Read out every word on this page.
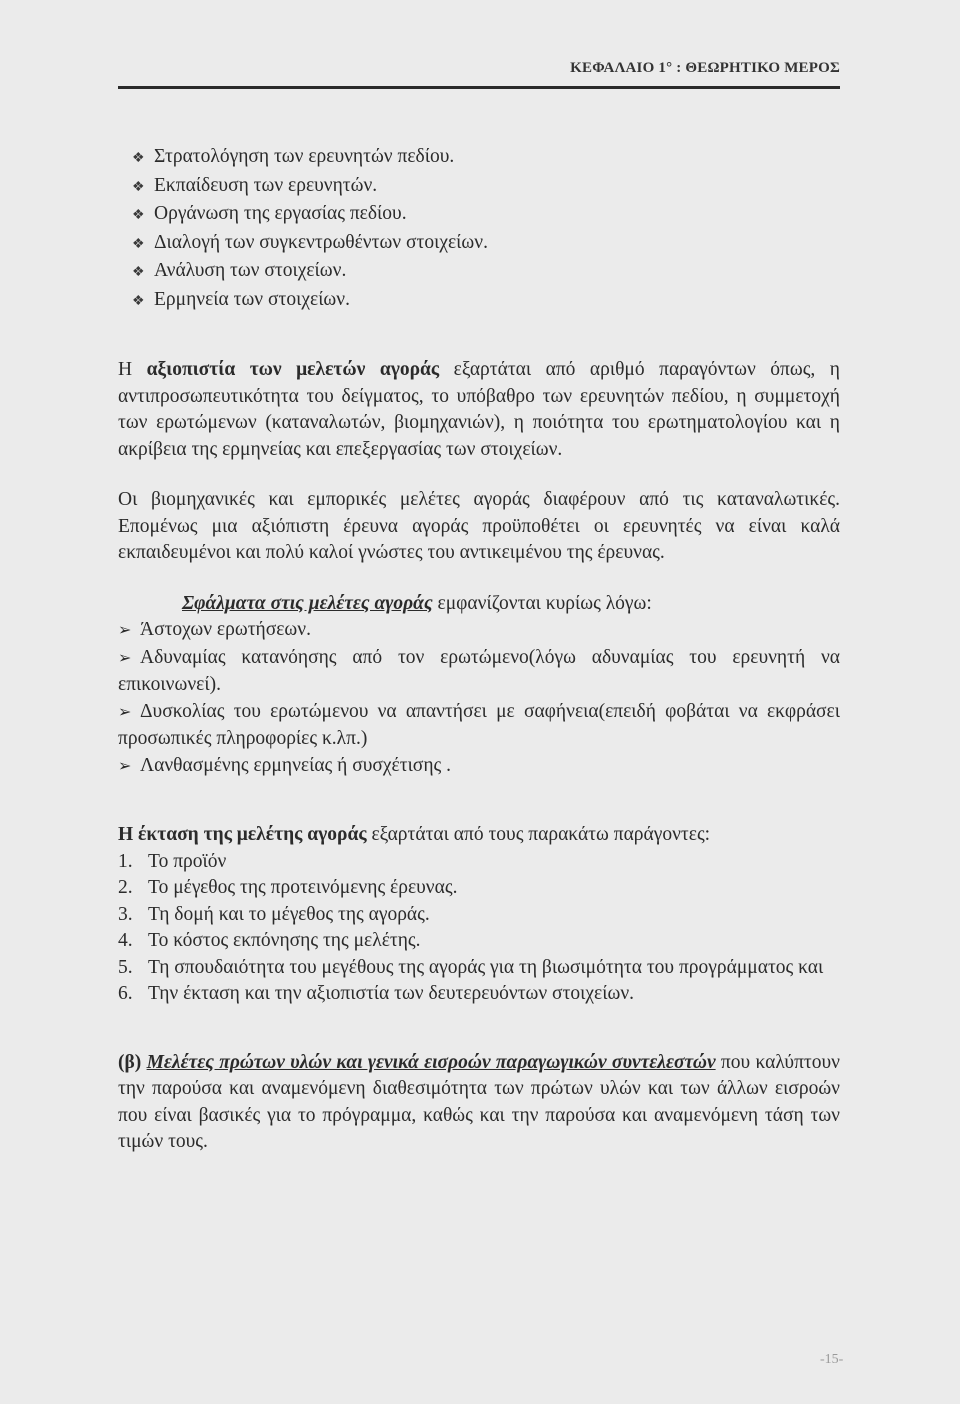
ΚΕΦΑΛΑΙΟ 1° : ΘΕΩΡΗΤΙΚΟ ΜΕΡΟΣ
❖ Στρατολόγηση των ερευνητών πεδίου.
❖ Εκπαίδευση των ερευνητών.
❖ Οργάνωση της εργασίας πεδίου.
❖ Διαλογή των συγκεντρωθέντων στοιχείων.
❖ Ανάλυση των στοιχείων.
❖ Ερμηνεία των στοιχείων.

Η αξιοπιστία των μελετών αγοράς εξαρτάται από αριθμό παραγόντων όπως, η αντιπροσωπευτικότητα του δείγματος, το υπόβαθρο των ερευνητών πεδίου, η συμμετοχή των ερωτώμενων (καταναλωτών, βιομηχανιών), η ποιότητα του ερωτηματολογίου και η ακρίβεια της ερμηνείας και επεξεργασίας των στοιχείων.

Οι βιομηχανικές και εμπορικές μελέτες αγοράς διαφέρουν από τις καταναλωτικές. Επομένως μια αξιόπιστη έρευνα αγοράς προϋποθέτει οι ερευνητές να είναι καλά εκπαιδευμένοι και πολύ καλοί γνώστες του αντικειμένου της έρευνας.

Σφάλματα στις μελέτες αγοράς εμφανίζονται κυρίως λόγω:

➢ Άστοχων ερωτήσεων.

➢ Αδυναμίας κατανόησης από τον ερωτώμενο(λόγω αδυναμίας του ερευνητή να επικοινωνεί).

➢ Δυσκολίας του ερωτώμενου να απαντήσει με σαφήνεια(επειδή φοβάται να εκφράσει προσωπικές πληροφορίες κ.λπ.)

➢ Λανθασμένης ερμηνείας ή συσχέτισης .

Η έκταση της μελέτης αγοράς εξαρτάται από τους παρακάτω παράγοντες:

1. Το προϊόν
2. Το μέγεθος της προτεινόμενης έρευνας.
3. Τη δομή και το μέγεθος της αγοράς.
4. Το κόστος εκπόνησης της μελέτης.
5. Τη σπουδαιότητα του μεγέθους της αγοράς για τη βιωσιμότητα του προγράμματος και
6. Την έκταση και την αξιοπιστία των δευτερευόντων στοιχείων.

(β) Μελέτες πρώτων υλών και γενικά εισροών παραγωγικών συντελεστών που καλύπτουν την παρούσα και αναμενόμενη διαθεσιμότητα των πρώτων υλών και των άλλων εισροών που είναι βασικές για το πρόγραμμα, καθώς και την παρούσα και αναμενόμενη τάση των τιμών τους.

-15-
